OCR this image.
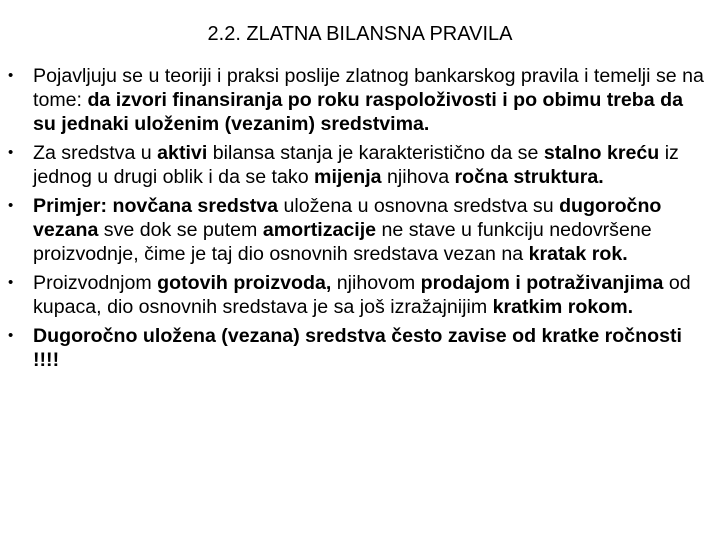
2.2. ZLATNA BILANSNA PRAVILA
• Pojavljuju se u teoriji i praksi poslije zlatnog bankarskog pravila i temelji se na tome: da izvori finansiranja po roku raspoloživosti i po obimu treba da su jednaki uloženim (vezanim) sredstvima.
• Za sredstva u aktivi bilansa stanja je karakteristično da se stalno kreću iz jednog u drugi oblik i da se tako mijenja njihova ročna struktura.
• Primjer: novčana sredstva uložena u osnovna sredstva su dugoročno vezana sve dok se putem amortizacije ne stave u funkciju nedovršene proizvodnje, čime je taj dio osnovnih sredstava vezan na kratak rok.
• Proizvodnjom gotovih proizvoda, njihovom prodajom i potraživanjima od kupaca, dio osnovnih sredstava je sa još izražajnijim kratkim rokom.
• Dugoročno uložena (vezana) sredstva često zavise od kratke ročnosti !!!!
